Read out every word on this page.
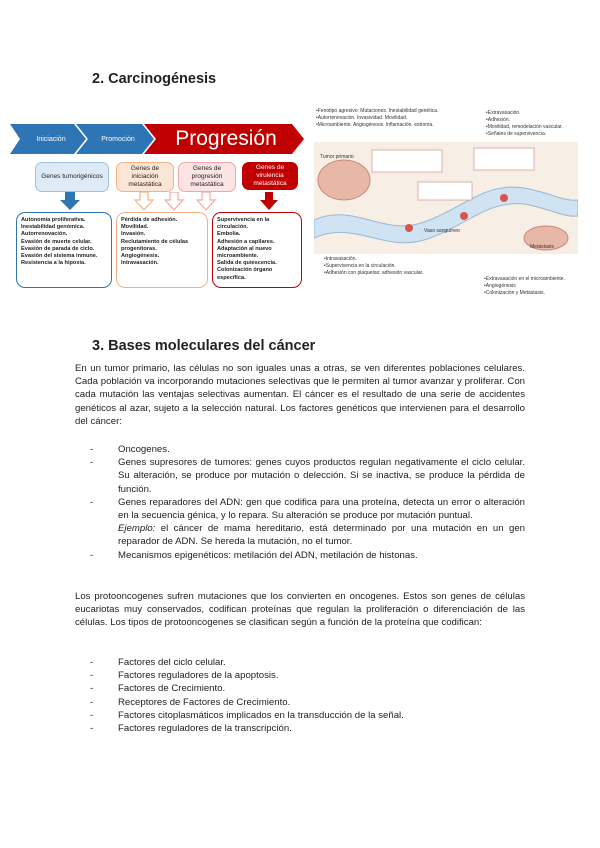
2. Carcinogénesis
Iniciación	Promoción	Progresión
Genes tumorigénicos
Genes de iniciación metastática
Genes de progresión metastática
Genes de virulencia metastática
Autonomía proliferativa.
Inestabilidad genómica.
Autorrenovación.
Evasión de muerte celular.
Evasión de parada de ciclo.
Evasión del sistema inmune.
Resistencia a la hipoxia.
Pérdida de adhesión.
Movilidad.
Invasión.
Reclutamiento de células progenitoras.
Angiogénesis.
Intravasación.
Supervivencia en la circulación.
Embolia.
Adhesión a capilares.
Adaptación al nuevo microambiente.
Salida de quiescencia.
Colonización órgano específica.
•Fenotipo agresivo: Mutaciones. Inestabilidad genética.
•Autorrenovación. Invasividad. Movilidad.
•Microambiente. Angiogénesis. Inflamación. estroma.
•Extravasación.
•Adhesión.
•Movilidad, remodelación vascular.
•Señales de supervivencia.
Tumor primario
Vaso sanguíneo
Metástasis
•Intravasación.
•Supervivencia en la circulación.
•Adhesión con plaquetas: adhesión vascular.
•Extravasación en el microambiente.
•Angiogénesis
•Colonización y Metástasis.
3. Bases moleculares del cáncer
En un tumor primario, las células no son iguales unas a otras, se ven diferentes poblaciones celulares. Cada población va incorporando mutaciones selectivas que le permiten al tumor avanzar y proliferar. Con cada mutación las ventajas selectivas aumentan. El cáncer es el resultado de una serie de accidentes genéticos al azar, sujeto a la selección natural. Los factores genéticos que intervienen para el desarrollo del cáncer:
- Oncogenes.
- Genes supresores de tumores: genes cuyos productos regulan negativamente el ciclo celular. Su alteración, se produce por mutación o delección. Si se inactiva, se produce la pérdida de función.
- Genes reparadores del ADN: gen que codifica para una proteína, detecta un error o alteración en la secuencia génica, y lo repara. Su alteración se produce por mutación puntual.
Ejemplo: el cáncer de mama hereditario, está determinado por una mutación en un gen reparador de ADN. Se hereda la mutación, no el tumor.
- Mecanismos epigenéticos: metilación del ADN, metilación de histonas.
Los protooncogenes sufren mutaciones que los convierten en oncogenes. Estos son genes de células eucariotas muy conservados, codifican proteínas que regulan la proliferación o diferenciación de las células. Los tipos de protooncogenes se clasifican según a función de la proteína que codifican:
- Factores del ciclo celular.
- Factores reguladores de la apoptosis.
- Factores de Crecimiento.
- Receptores de Factores de Crecimiento.
- Factores citoplasmáticos implicados en la transducción de la señal.
- Factores reguladores de la transcripción.
